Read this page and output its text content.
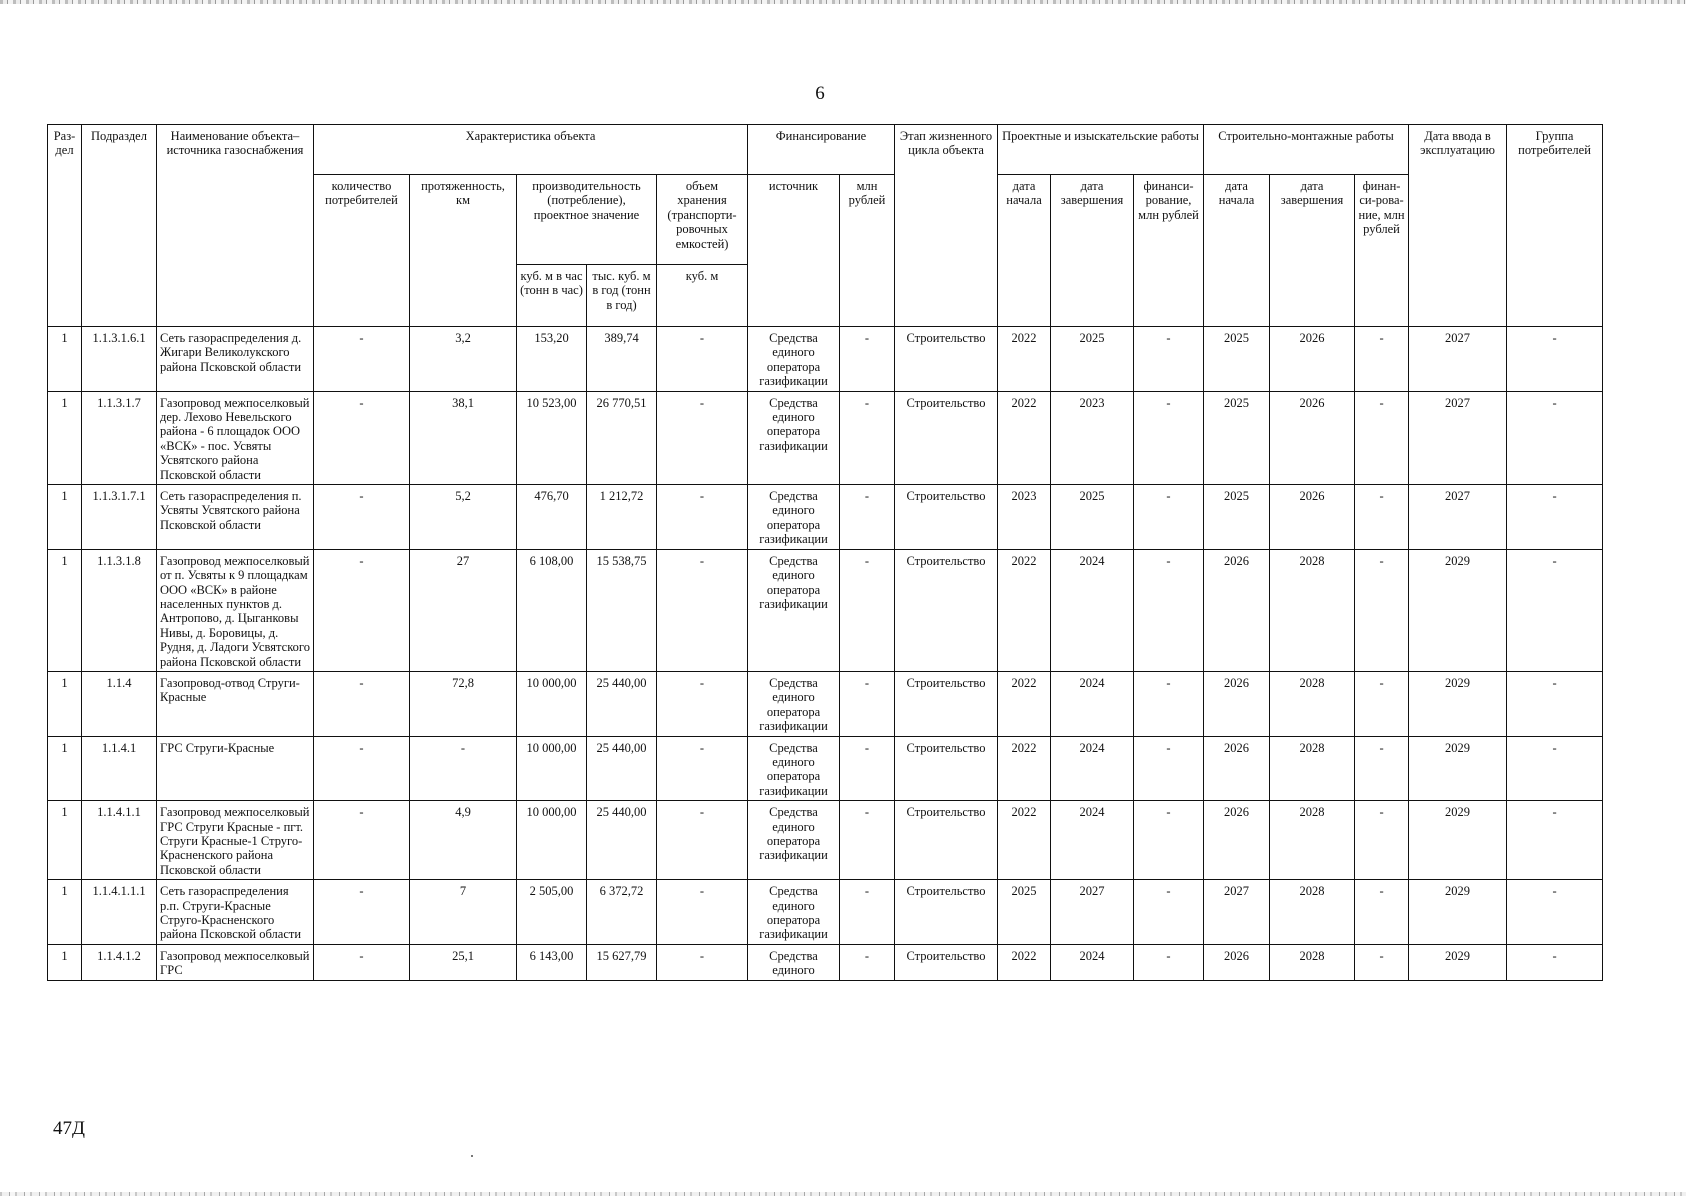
6
Раз-дел	Подраздел	Наименование объекта–источника газоснабжения	Характеристика объекта					Финансирование		Этап жизненного цикла объекта	Проектные и изыскательские работы			Строительно-монтажные работы			Дата ввода в эксплуатацию	Группа потребителей
			количество потребителей	протяженность, км	производительность (потребление), проектное значение		объем хранения (транспорти-ровочных емкостей)	источник	млн рублей		дата начала	дата завершения	финанси-рование, млн рублей	дата начала	дата завершения	финан-си-рова-ние, млн рублей		
					куб. м в час (тонн в час)	тыс. куб. м в год (тонн в год)	куб. м											
1	1.1.3.1.6.1	Сеть газораспределения д. Жигари Великолукского района Псковской области	-	3,2	153,20	389,74	-	Средства единого оператора газификации	-	Строительство	2022	2025	-	2025	2026	-	2027	-
1	1.1.3.1.7	Газопровод межпоселковый дер. Лехово Невельского района - 6 площадок ООО «ВСК» - пос. Усвяты Усвятского района Псковской области	-	38,1	10 523,00	26 770,51	-	Средства единого оператора газификации	-	Строительство	2022	2023	-	2025	2026	-	2027	-
1	1.1.3.1.7.1	Сеть газораспределения п. Усвяты Усвятского района Псковской области	-	5,2	476,70	1 212,72	-	Средства единого оператора газификации	-	Строительство	2023	2025	-	2025	2026	-	2027	-
1	1.1.3.1.8	Газопровод межпоселковый от п. Усвяты к 9 площадкам ООО «ВСК» в районе населенных пунктов д. Антропово, д. Цыганковы Нивы, д. Боровицы, д. Рудня, д. Ладоги Усвятского района Псковской области	-	27	6 108,00	15 538,75	-	Средства единого оператора газификации	-	Строительство	2022	2024	-	2026	2028	-	2029	-
1	1.1.4	Газопровод-отвод Струги-Красные	-	72,8	10 000,00	25 440,00	-	Средства единого оператора газификации	-	Строительство	2022	2024	-	2026	2028	-	2029	-
1	1.1.4.1	ГРС Струги-Красные	-	-	10 000,00	25 440,00	-	Средства единого оператора газификации	-	Строительство	2022	2024	-	2026	2028	-	2029	-
1	1.1.4.1.1	Газопровод межпоселковый ГРС Струги Красные - пгт. Струги Красные-1 Струго-Красненского района Псковской области	-	4,9	10 000,00	25 440,00	-	Средства единого оператора газификации	-	Строительство	2022	2024	-	2026	2028	-	2029	-
1	1.1.4.1.1.1	Сеть газораспределения р.п. Струги-Красные Струго-Красненского района Псковской области	-	7	2 505,00	6 372,72	-	Средства единого оператора газификации	-	Строительство	2025	2027	-	2027	2028	-	2029	-
1	1.1.4.1.2	Газопровод межпоселковый ГРС	-	25,1	6 143,00	15 627,79	-	Средства единого	-	Строительство	2022	2024	-	2026	2028	-	2029	-
47Д
